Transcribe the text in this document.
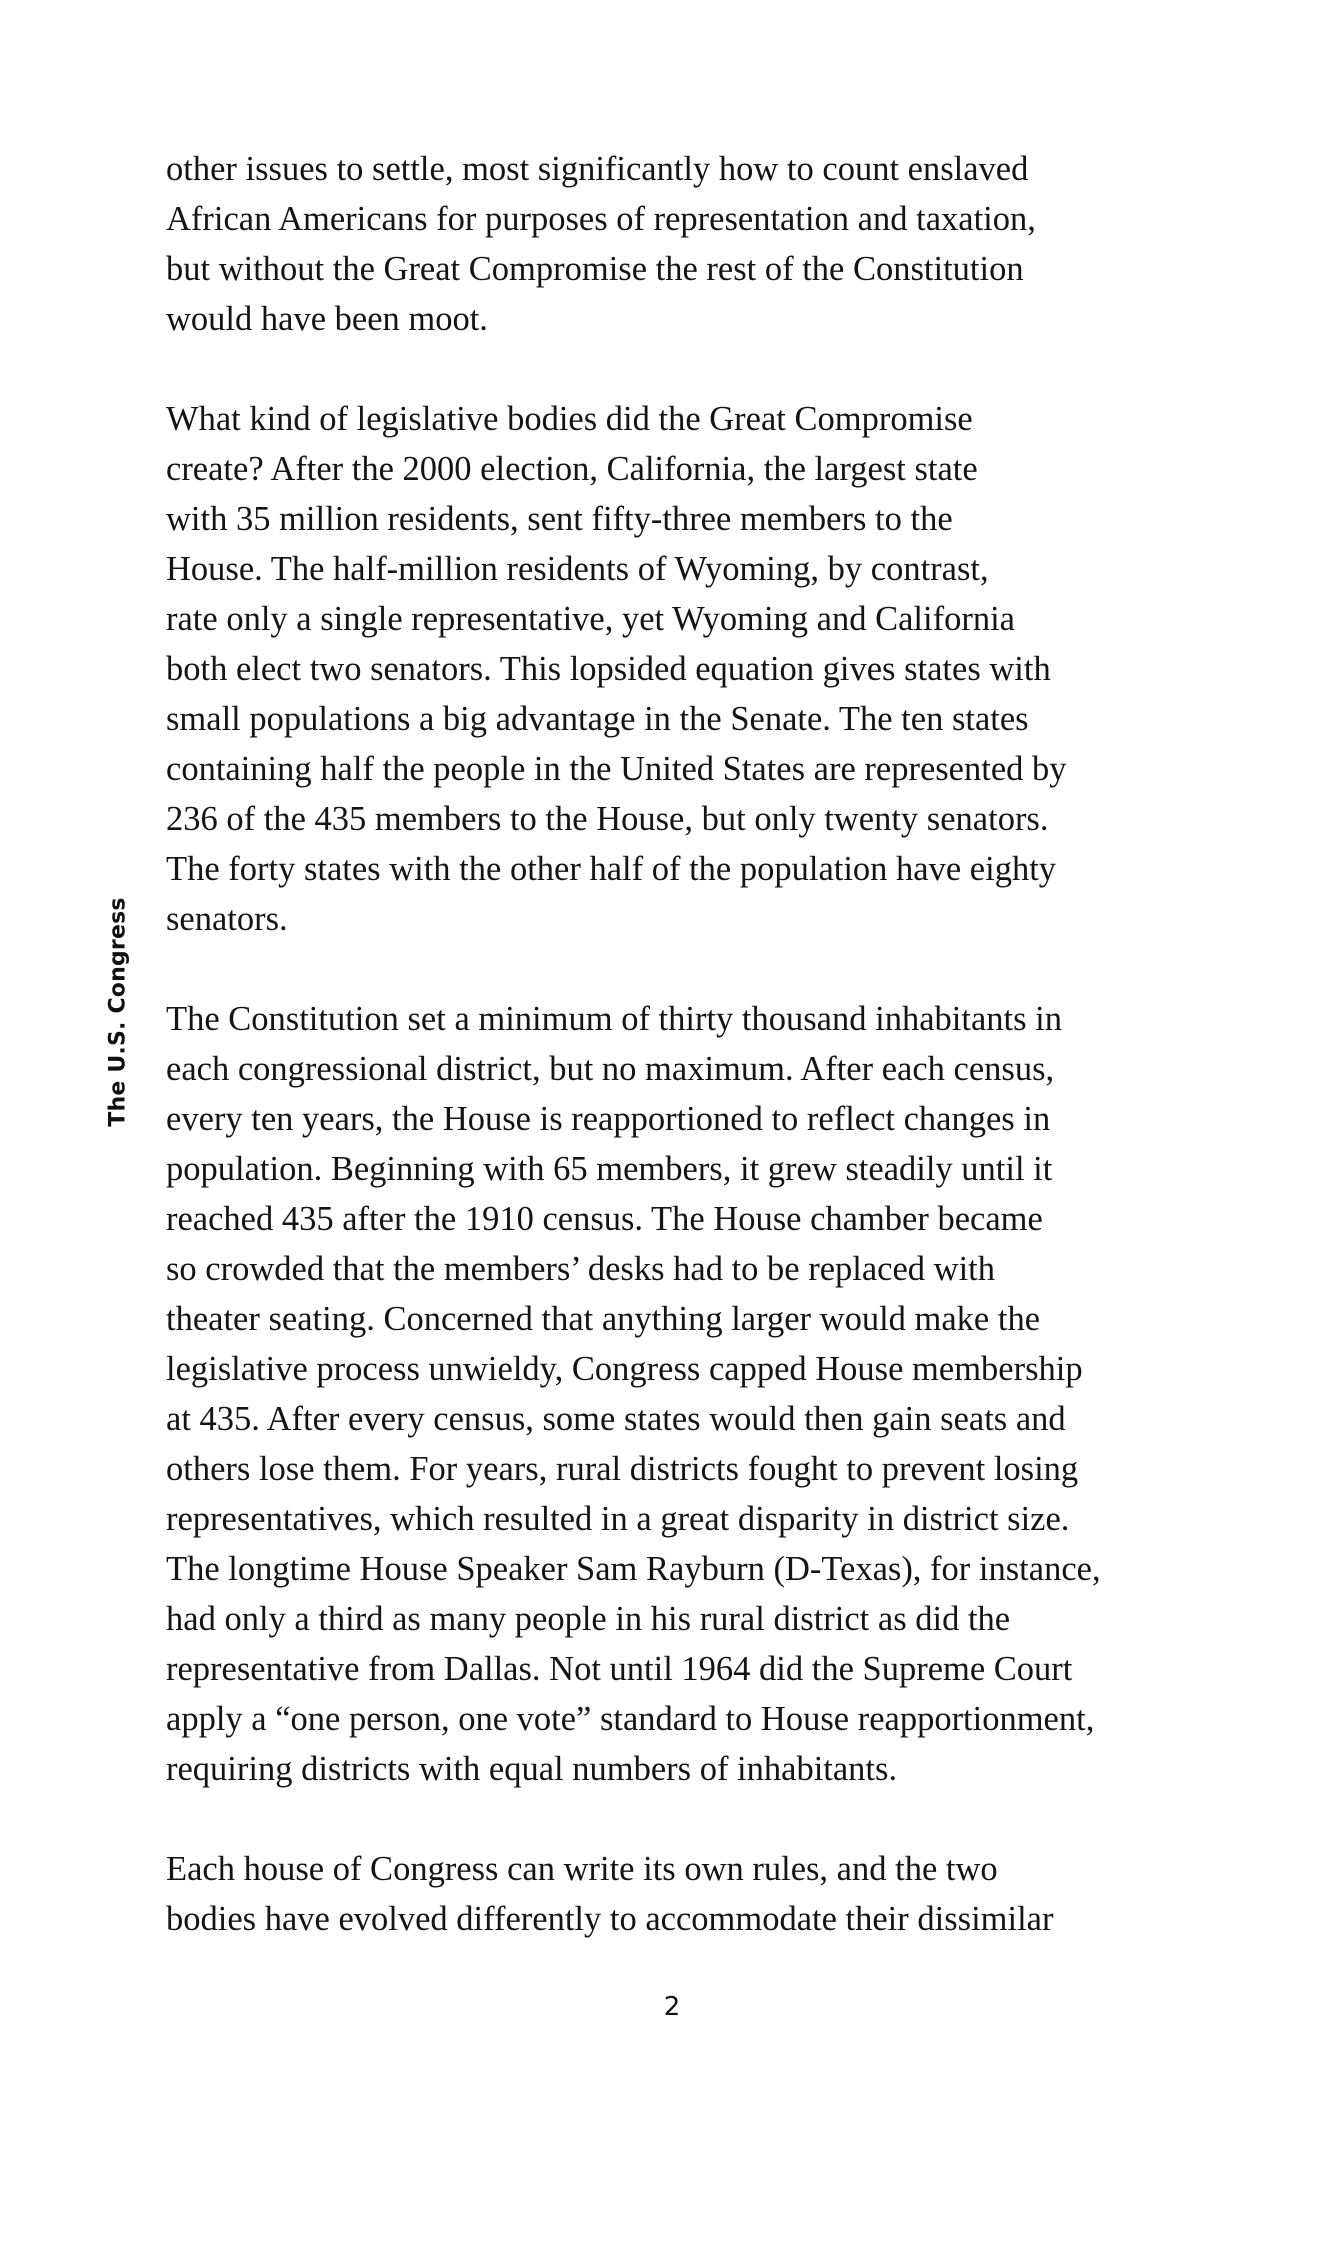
The U.S. Congress

other issues to settle, most significantly how to count enslaved
African Americans for purposes of representation and taxation,
but without the Great Compromise the rest of the Constitution
would have been moot.

What kind of legislative bodies did the Great Compromise
create? After the 2000 election, California, the largest state
with 35 million residents, sent fifty-three members to the
House. The half-million residents of Wyoming, by contrast,
rate only a single representative, yet Wyoming and California
both elect two senators. This lopsided equation gives states with
small populations a big advantage in the Senate. The ten states
containing half the people in the United States are represented by
236 of the 435 members to the House, but only twenty senators.
The forty states with the other half of the population have eighty
senators.

The Constitution set a minimum of thirty thousand inhabitants in
each congressional district, but no maximum. After each census,
every ten years, the House is reapportioned to reflect changes in
population. Beginning with 65 members, it grew steadily until it
reached 435 after the 1910 census. The House chamber became
so crowded that the members’ desks had to be replaced with
theater seating. Concerned that anything larger would make the
legislative process unwieldy, Congress capped House membership
at 435. After every census, some states would then gain seats and
others lose them. For years, rural districts fought to prevent losing
representatives, which resulted in a great disparity in district size.
The longtime House Speaker Sam Rayburn (D-Texas), for instance,
had only a third as many people in his rural district as did the
representative from Dallas. Not until 1964 did the Supreme Court
apply a “one person, one vote” standard to House reapportionment,
requiring districts with equal numbers of inhabitants.

Each house of Congress can write its own rules, and the two
bodies have evolved differently to accommodate their dissimilar

2
